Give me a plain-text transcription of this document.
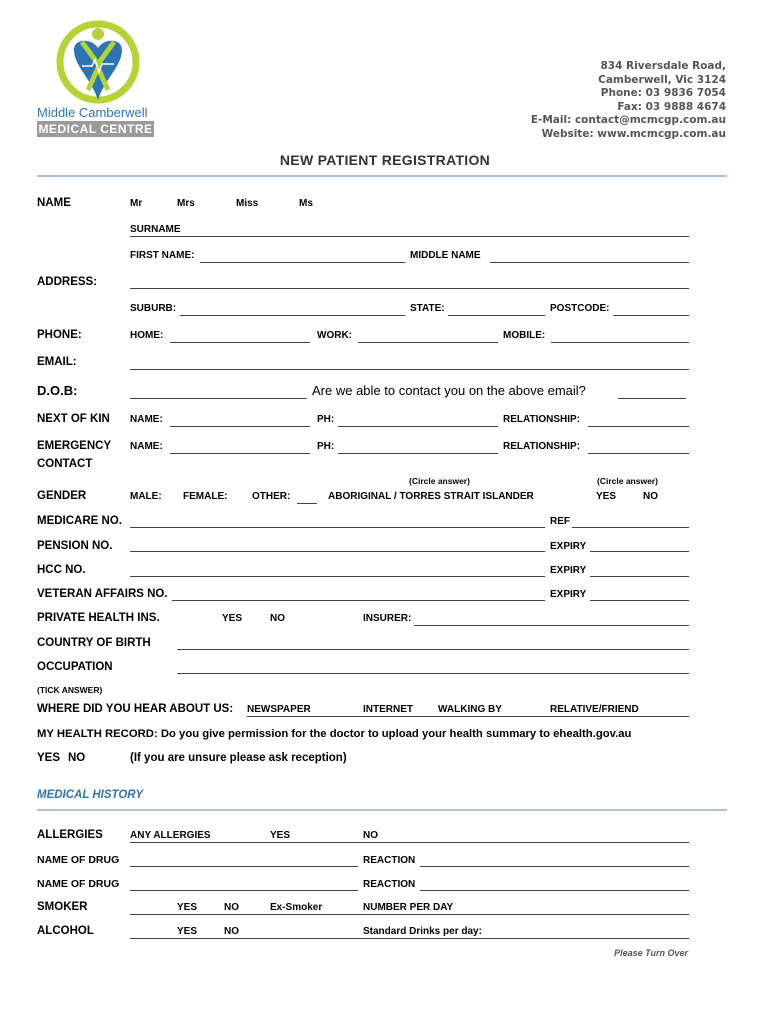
Middle Camberwell
MEDICAL CENTRE
834 Riversdale Road,
Camberwell, Vic 3124
Phone: 03 9836 7054
Fax: 03 9888 4674
E-Mail: contact@mcmcgp.com.au
Website: www.mcmcgp.com.au
NEW PATIENT REGISTRATION
NAME	Mr	Mrs	Miss	Ms
SURNAME
FIRST NAME:	MIDDLE NAME
ADDRESS:
SUBURB:	STATE:	POSTCODE:
PHONE:	HOME:	WORK:	MOBILE:
EMAIL:
D.O.B:	Are we able to contact you on the above email?
NEXT OF KIN NAME:	PH:	RELATIONSHIP:
EMERGENCY
CONTACT
NAME:	PH:	RELATIONSHIP:
(Circle answer)	(Circle answer)
GENDER	MALE: FEMALE: OTHER:	ABORIGINAL / TORRES STRAIT ISLANDER	YES	NO
MEDICARE NO.	REF
PENSION NO.	EXPIRY
HCC NO.	EXPIRY
VETERAN AFFAIRS NO.	EXPIRY
PRIVATE HEALTH INS.	YES	NO	INSURER:
COUNTRY OF BIRTH
OCCUPATION
(TICK ANSWER)
WHERE DID YOU HEAR ABOUT US: NEWSPAPER	INTERNET	WALKING BY	RELATIVE/FRIEND
MY HEALTH RECORD: Do you give permission for the doctor to upload your health summary to ehealth.gov.au
YES NO	(If you are unsure please ask reception)
MEDICAL HISTORY
ALLERGIES	ANY ALLERGIES	YES	NO
NAME OF DRUG	REACTION
NAME OF DRUG	REACTION
SMOKER	YES	NO	Ex-Smoker	NUMBER PER DAY
ALCOHOL	YES	NO	Standard Drinks per day:
Please Turn Over
